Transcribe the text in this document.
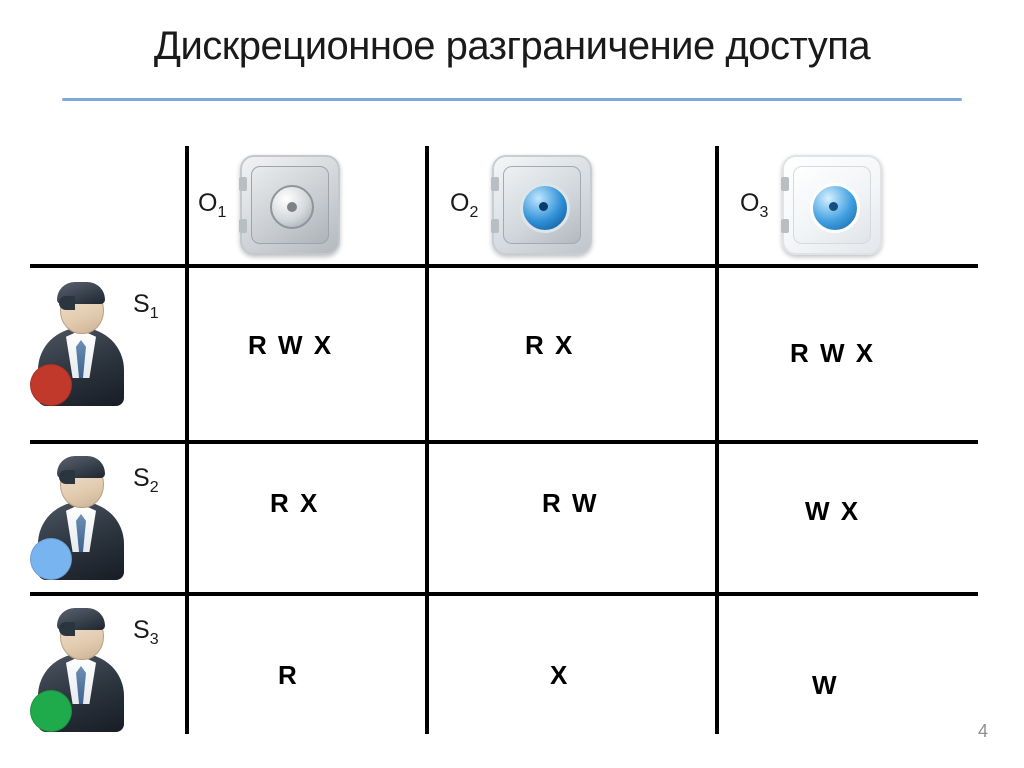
Дискреционное разграничение доступа
$O_1$	$O_2$	$O_3$
$S_1$
R W X	R X	R W X
$S_2$
R X	R W	W X
$S_3$
R	X	W
4
